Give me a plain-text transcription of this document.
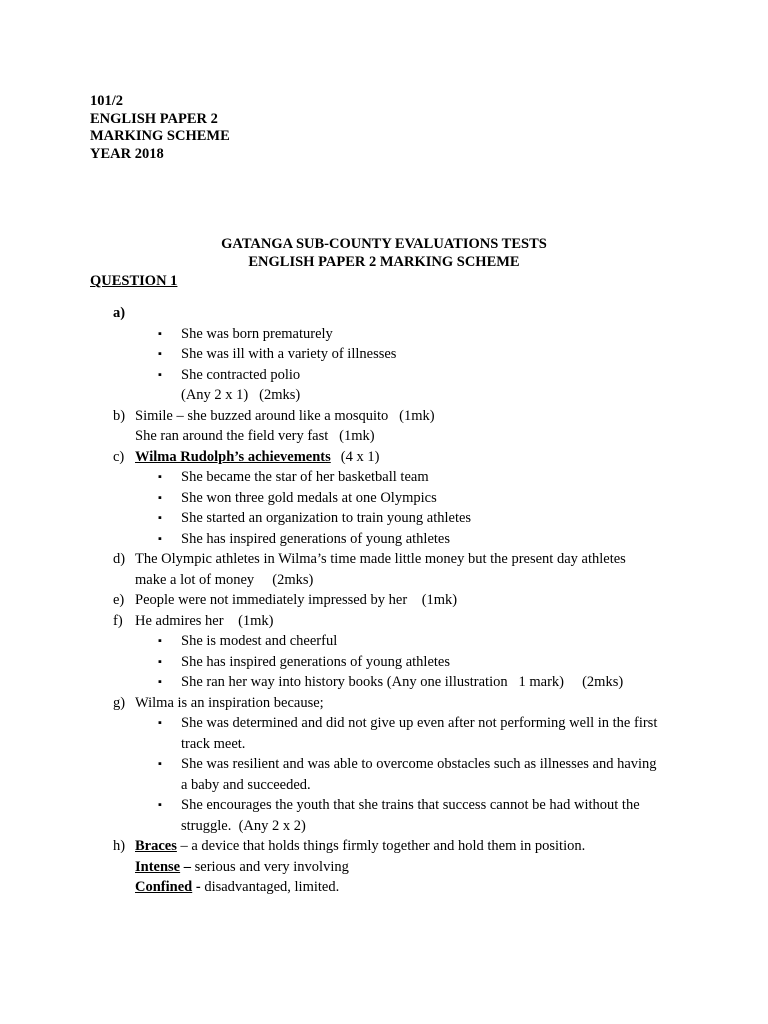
101/2
ENGLISH PAPER 2
MARKING SCHEME
YEAR 2018
GATANGA SUB-COUNTY EVALUATIONS TESTS
ENGLISH PAPER 2 MARKING SCHEME
QUESTION 1
a)
▪ She was born prematurely
▪ She was ill with a variety of illnesses
▪ She contracted polio
(Any 2 x 1)   (2mks)
b) Simile – she buzzed around like a mosquito   (1mk)
She ran around the field very fast   (1mk)
c) Wilma Rudolph’s achievements (4 x 1)
▪ She became the star of her basketball team
▪ She won three gold medals at one Olympics
▪ She started an organization to train young athletes
▪ She has inspired generations of young athletes
d) The Olympic athletes in Wilma’s time made little money but the present day athletes
make a lot of money     (2mks)
e) People were not immediately impressed by her    (1mk)
f) He admires her    (1mk)
▪ She is modest and cheerful
▪ She has inspired generations of young athletes
▪ She ran her way into history books (Any one illustration   1 mark)     (2mks)
g) Wilma is an inspiration because;
▪ She was determined and did not give up even after not performing well in the first
track meet.
▪ She was resilient and was able to overcome obstacles such as illnesses and having
a baby and succeeded.
▪ She encourages the youth that she trains that success cannot be had without the
struggle.  (Any 2 x 2)
h) Braces – a device that holds things firmly together and hold them in position.
Intense – serious and very involving
Confined - disadvantaged, limited.
